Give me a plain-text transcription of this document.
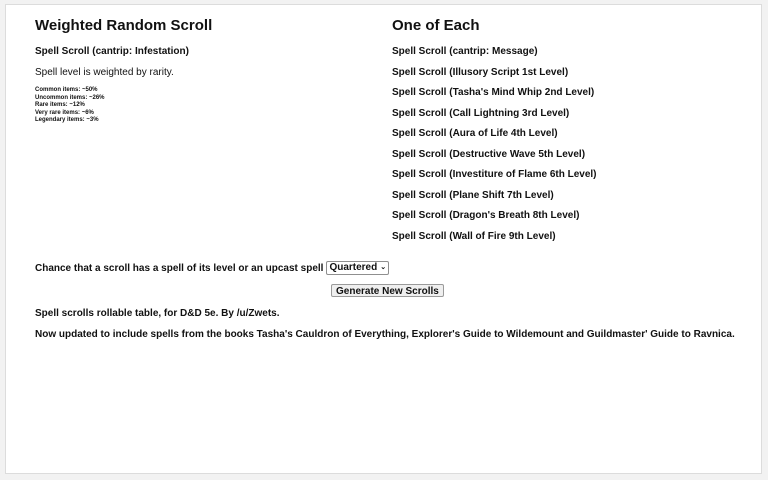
Weighted Random Scroll
Spell Scroll (cantrip: Infestation)
Spell level is weighted by rarity.
Common items: ~50%
Uncommon items: ~26%
Rare items: ~12%
Very rare items: ~6%
Legendary items: ~3%
One of Each
Spell Scroll (cantrip: Message)
Spell Scroll (Illusory Script 1st Level)
Spell Scroll (Tasha's Mind Whip 2nd Level)
Spell Scroll (Call Lightning 3rd Level)
Spell Scroll (Aura of Life 4th Level)
Spell Scroll (Destructive Wave 5th Level)
Spell Scroll (Investiture of Flame 6th Level)
Spell Scroll (Plane Shift 7th Level)
Spell Scroll (Dragon's Breath 8th Level)
Spell Scroll (Wall of Fire 9th Level)
Chance that a scroll has a spell of its level or an upcast spell Quartered ⌄
Generate New Scrolls
Spell scrolls rollable table, for D&D 5e. By /u/Zwets.
Now updated to include spells from the books Tasha's Cauldron of Everything, Explorer's Guide to Wildemount and Guildmaster' Guide to Ravnica.
